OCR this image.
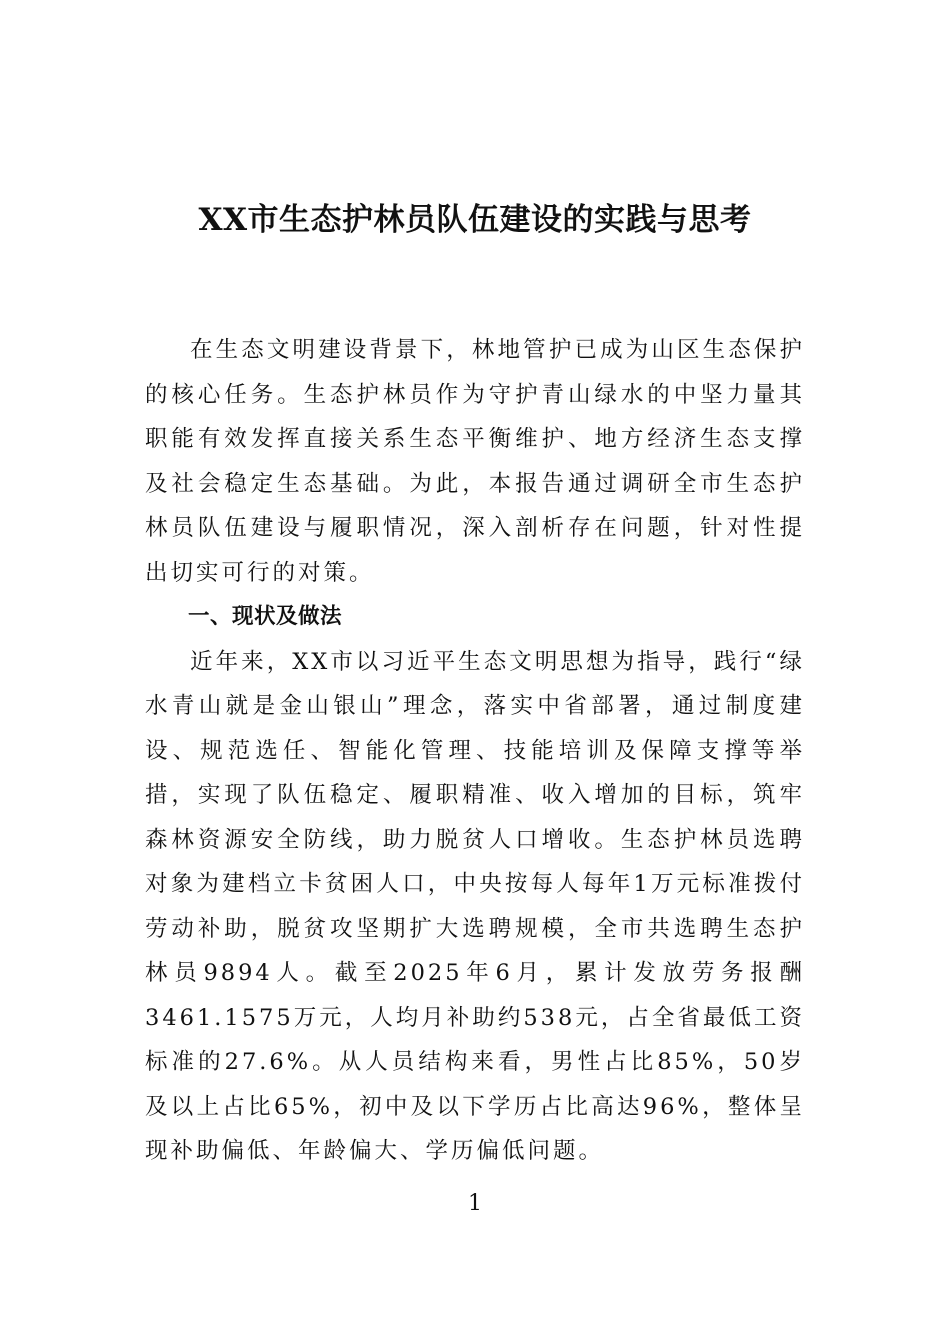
XX市生态护林员队伍建设的实践与思考

在生态文明建设背景下，林地管护已成为山区生态保护的核心任务。生态护林员作为守护青山绿水的中坚力量其职能有效发挥直接关系生态平衡维护、地方经济生态支撑及社会稳定生态基础。为此，本报告通过调研全市生态护林员队伍建设与履职情况，深入剖析存在问题，针对性提出切实可行的对策。

一、现状及做法

近年来，XX市以习近平生态文明思想为指导，践行“绿水青山就是金山银山”理念，落实中省部署，通过制度建设、规范选任、智能化管理、技能培训及保障支撑等举措，实现了队伍稳定、履职精准、收入增加的目标，筑牢森林资源安全防线，助力脱贫人口增收。生态护林员选聘对象为建档立卡贫困人口，中央按每人每年1万元标准拨付劳动补助，脱贫攻坚期扩大选聘规模，全市共选聘生态护林员9894人。截至2025年6月，累计发放劳务报酬3461.1575万元，人均月补助约538元，占全省最低工资标准的27.6%。从人员结构来看，男性占比85%，50岁及以上占比65%，初中及以下学历占比高达96%，整体呈现补助偏低、年龄偏大、学历偏低问题。

1
